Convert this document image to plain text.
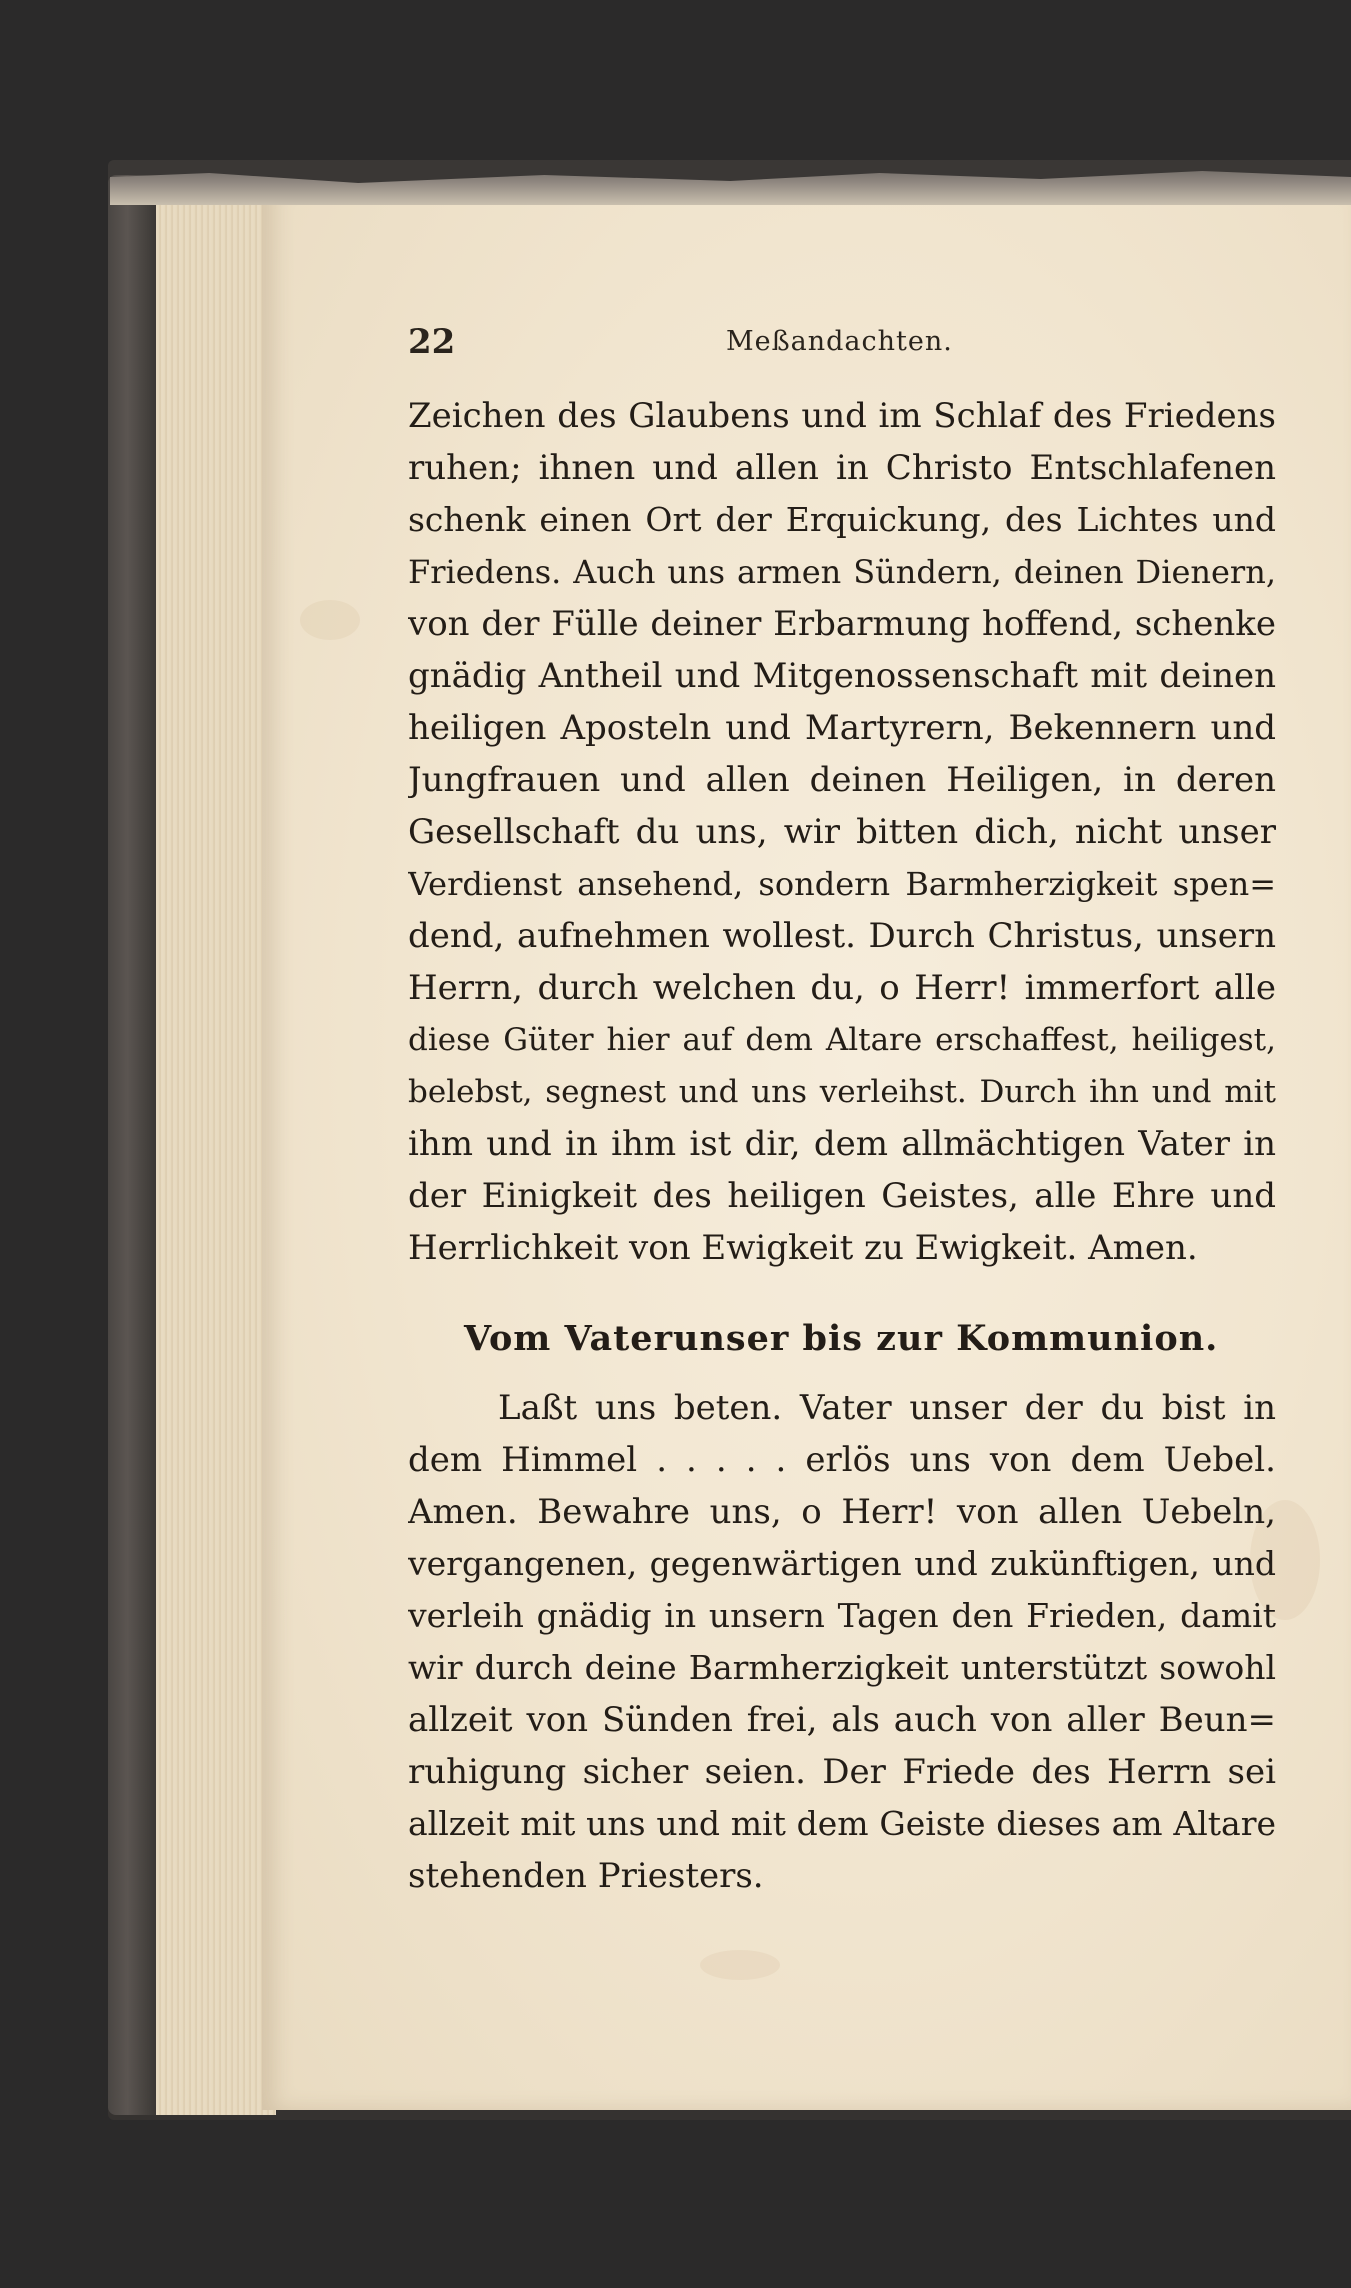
22	Meßandachten.
Zeichen des Glaubens und im Schlaf des Friedens
ruhen; ihnen und allen in Christo Entschlafenen
schenk einen Ort der Erquickung, des Lichtes und
Friedens. Auch uns armen Sündern, deinen Dienern,
von der Fülle deiner Erbarmung hoffend, schenke
gnädig Antheil und Mitgenossenschaft mit deinen
heiligen Aposteln und Martyrern, Bekennern und
Jungfrauen und allen deinen Heiligen, in deren
Gesellschaft du uns, wir bitten dich, nicht unser
Verdienst ansehend, sondern Barmherzigkeit spen=
dend, aufnehmen wollest. Durch Christus, unsern
Herrn, durch welchen du, o Herr! immerfort alle
diese Güter hier auf dem Altare erschaffest, heiligest,
belebst, segnest und uns verleihst. Durch ihn und mit
ihm und in ihm ist dir, dem allmächtigen Vater in
der Einigkeit des heiligen Geistes, alle Ehre und
Herrlichkeit von Ewigkeit zu Ewigkeit. Amen.
Vom Vaterunser bis zur Kommunion.
Laßt uns beten. Vater unser der du bist in
dem Himmel . . . . . erlös uns von dem Uebel.
Amen. Bewahre uns, o Herr! von allen Uebeln,
vergangenen, gegenwärtigen und zukünftigen, und
verleih gnädig in unsern Tagen den Frieden, damit
wir durch deine Barmherzigkeit unterstützt sowohl
allzeit von Sünden frei, als auch von aller Beun=
ruhigung sicher seien. Der Friede des Herrn sei
allzeit mit uns und mit dem Geiste dieses am Altare
stehenden Priesters.
